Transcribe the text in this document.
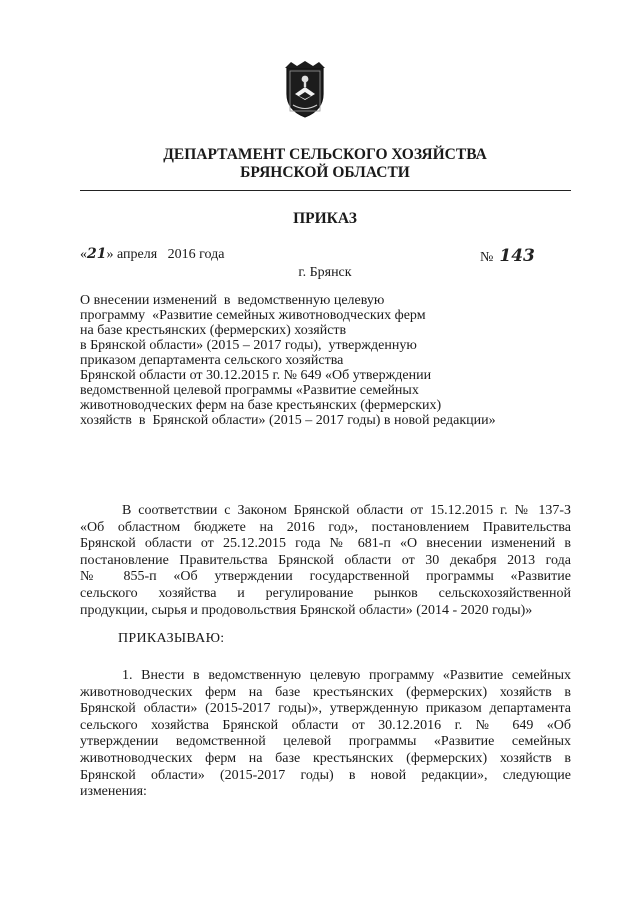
ДЕПАРТАМЕНТ СЕЛЬСКОГО ХОЗЯЙСТВА
БРЯНСКОЙ ОБЛАСТИ
ПРИКАЗ
«21» апреля   2016 года	№ 143
г. Брянск
О внесении изменений  в  ведомственную целевую
программу  «Развитие семейных животноводческих ферм
на базе крестьянских (фермерских) хозяйств
в Брянской области» (2015 – 2017 годы),  утвержденную
приказом департамента сельского хозяйства
Брянской области от 30.12.2015 г. № 649 «Об утверждении
ведомственной целевой программы «Развитие семейных
животноводческих ферм на базе крестьянских (фермерских)
хозяйств  в  Брянской области» (2015 – 2017 годы) в новой редакции»
В соответствии с Законом Брянской области от 15.12.2015 г. № 137-З
«Об областном бюджете на 2016 год», постановлением Правительства
Брянской области от 25.12.2015 года № 681-п «О внесении изменений в
постановление Правительства Брянской области от 30 декабря 2013 года
№ 855-п «Об утверждении государственной программы «Развитие
сельского хозяйства и регулирование рынков сельскохозяйственной
продукции, сырья и продовольствия Брянской области» (2014 - 2020 годы)»
ПРИКАЗЫВАЮ:
1. Внести в ведомственную целевую программу «Развитие семейных
животноводческих ферм на базе крестьянских (фермерских) хозяйств в
Брянской области» (2015-2017 годы)», утвержденную приказом департамента
сельского хозяйства Брянской области от 30.12.2016 г. № 649 «Об
утверждении ведомственной целевой программы «Развитие семейных
животноводческих ферм на базе крестьянских (фермерских) хозяйств в
Брянской области» (2015-2017 годы) в новой редакции», следующие
изменения:
